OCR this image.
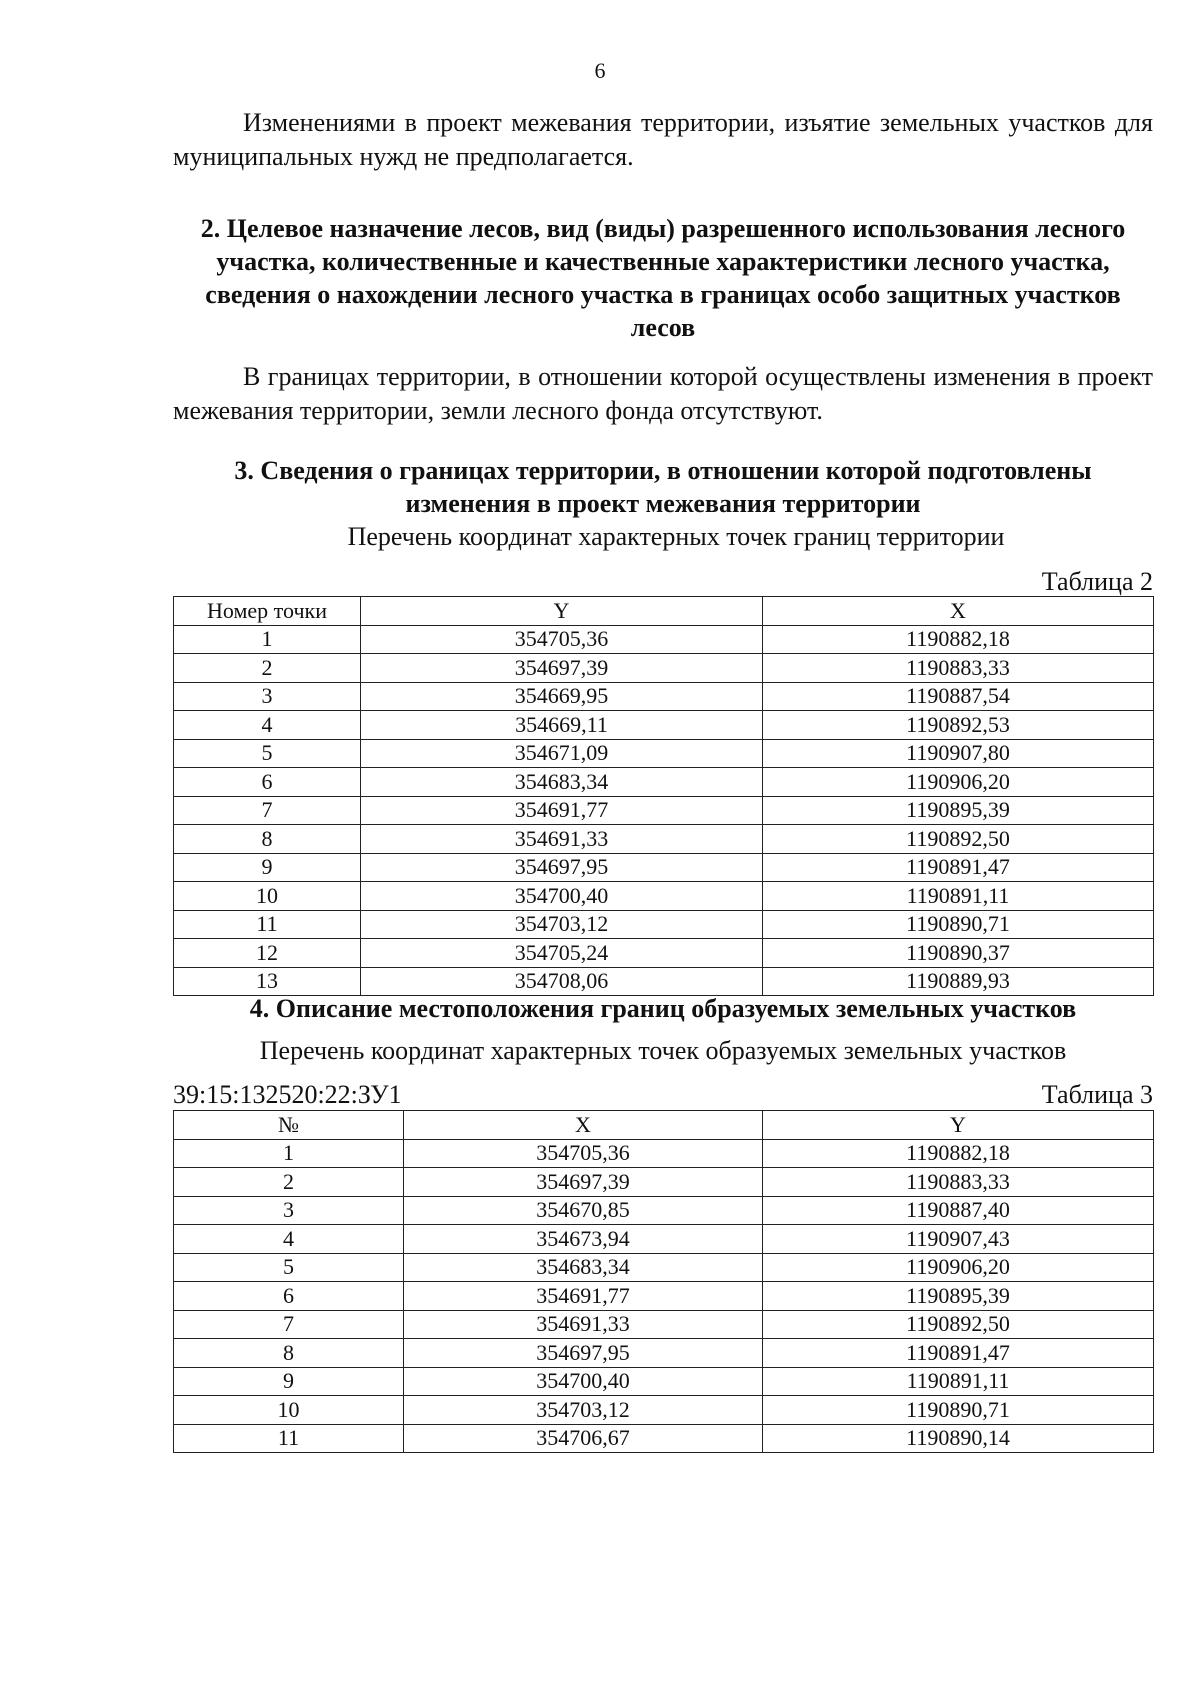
6
Изменениями в проект межевания территории, изъятие земельных участков для муниципальных нужд не предполагается.
2. Целевое назначение лесов, вид (виды) разрешенного использования лесного участка, количественные и качественные характеристики лесного участка, сведения о нахождении лесного участка в границах особо защитных участков лесов
В границах территории, в отношении которой осуществлены изменения в проект межевания территории, земли лесного фонда отсутствуют.
3. Сведения о границах территории, в отношении которой подготовлены изменения в проект межевания территории
Перечень координат характерных точек границ территории
Таблица 2
Номер точки	Y	X
1	354705,36	1190882,18
2	354697,39	1190883,33
3	354669,95	1190887,54
4	354669,11	1190892,53
5	354671,09	1190907,80
6	354683,34	1190906,20
7	354691,77	1190895,39
8	354691,33	1190892,50
9	354697,95	1190891,47
10	354700,40	1190891,11
11	354703,12	1190890,71
12	354705,24	1190890,37
13	354708,06	1190889,93
4. Описание местоположения границ образуемых земельных участков
Перечень координат характерных точек образуемых земельных участков
39:15:132520:22:ЗУ1	Таблица 3
№	X	Y
1	354705,36	1190882,18
2	354697,39	1190883,33
3	354670,85	1190887,40
4	354673,94	1190907,43
5	354683,34	1190906,20
6	354691,77	1190895,39
7	354691,33	1190892,50
8	354697,95	1190891,47
9	354700,40	1190891,11
10	354703,12	1190890,71
11	354706,67	1190890,14
